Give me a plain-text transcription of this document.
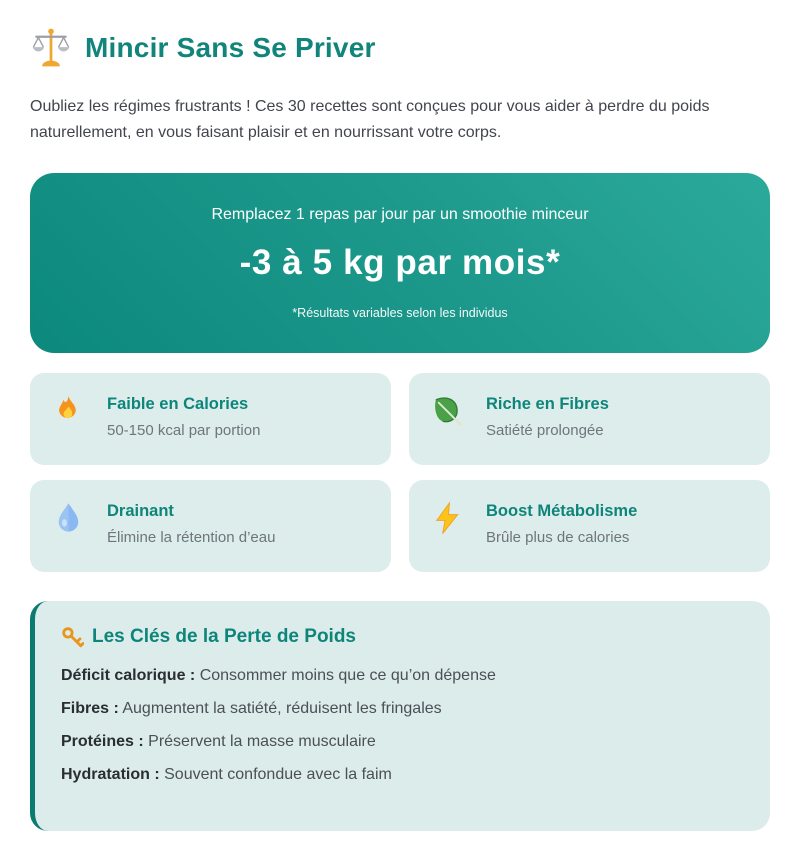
Mincir Sans Se Priver

Oubliez les régimes frustrants ! Ces 30 recettes sont conçues pour vous aider à perdre du poids naturellement, en vous faisant plaisir et en nourrissant votre corps.

Remplacez 1 repas par jour par un smoothie minceur
-3 à 5 kg par mois*
*Résultats variables selon les individus
Faible en Calories
50-150 kcal par portion
Riche en Fibres
Satiété prolongée
Drainant
Élimine la rétention d’eau
Boost Métabolisme
Brûle plus de calories
Les Clés de la Perte de Poids
Déficit calorique : Consommer moins que ce qu’on dépense
Fibres : Augmentent la satiété, réduisent les fringales
Protéines : Préservent la masse musculaire
Hydratation : Souvent confondue avec la faim
